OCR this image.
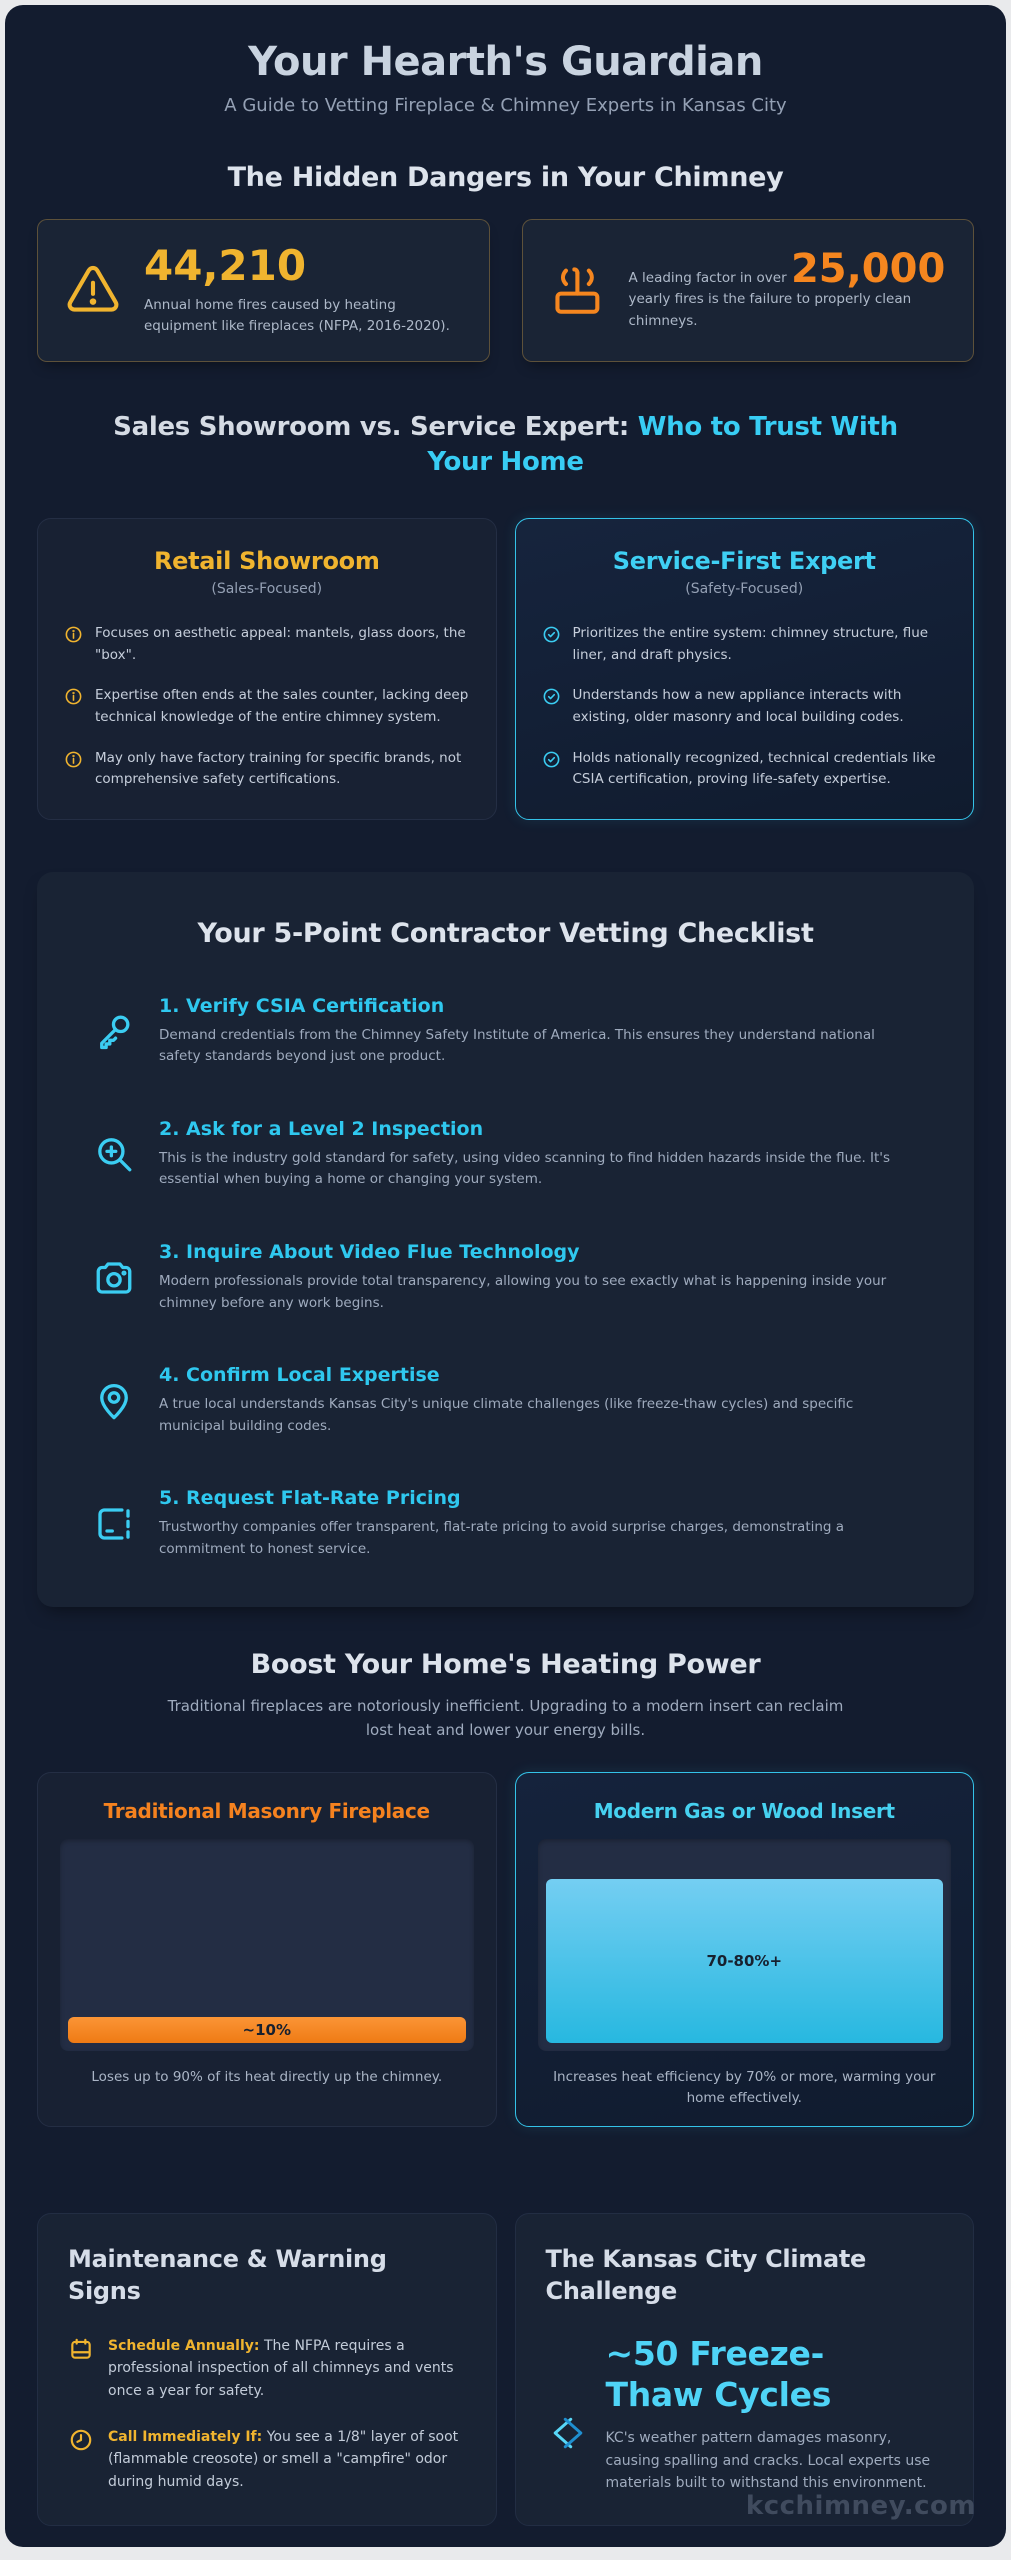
Your Hearth's Guardian

A Guide to Vetting Fireplace & Chimney Experts in Kansas City

The Hidden Dangers in Your Chimney
44,210
Annual home fires caused by heating equipment like fireplaces (NFPA, 2016-2020).

A leading factor in over 25,000 yearly fires is the failure to properly clean chimneys.

Sales Showroom vs. Service Expert: Who to Trust With Your Home
Retail Showroom

(Sales-Focused)

Focuses on aesthetic appeal: mantels, glass doors, the "box".
Expertise often ends at the sales counter, lacking deep technical knowledge of the entire chimney system.
May only have factory training for specific brands, not comprehensive safety certifications.
Service-First Expert

(Safety-Focused)

Prioritizes the entire system: chimney structure, flue liner, and draft physics.
Understands how a new appliance interacts with existing, older masonry and local building codes.
Holds nationally recognized, technical credentials like CSIA certification, proving life-safety expertise.
Your 5-Point Contractor Vetting Checklist
1. Verify CSIA Certification
Demand credentials from the Chimney Safety Institute of America. This ensures they understand national safety standards beyond just one product.
2. Ask for a Level 2 Inspection
This is the industry gold standard for safety, using video scanning to find hidden hazards inside the flue. It's essential when buying a home or changing your system.
3. Inquire About Video Flue Technology
Modern professionals provide total transparency, allowing you to see exactly what is happening inside your chimney before any work begins.
4. Confirm Local Expertise
A true local understands Kansas City's unique climate challenges (like freeze-thaw cycles) and specific municipal building codes.
5. Request Flat-Rate Pricing
Trustworthy companies offer transparent, flat-rate pricing to avoid surprise charges, demonstrating a commitment to honest service.
Boost Your Home's Heating Power

Traditional fireplaces are notoriously inefficient. Upgrading to a modern insert can reclaim lost heat and lower your energy bills.

Traditional Masonry Fireplace
~10%

Loses up to 90% of its heat directly up the chimney.

Modern Gas or Wood Insert
70-80%+

Increases heat efficiency by 70% or more, warming your home effectively.

Maintenance & Warning Signs

Schedule Annually: The NFPA requires a professional inspection of all chimneys and vents once a year for safety.

Call Immediately If: You see a 1/8" layer of soot (flammable creosote) or smell a "campfire" odor during humid days.

The Kansas City Climate Challenge
~50 Freeze-Thaw Cycles

KC's weather pattern damages masonry, causing spalling and cracks. Local experts use materials built to withstand this environment.

kcchimney.com
